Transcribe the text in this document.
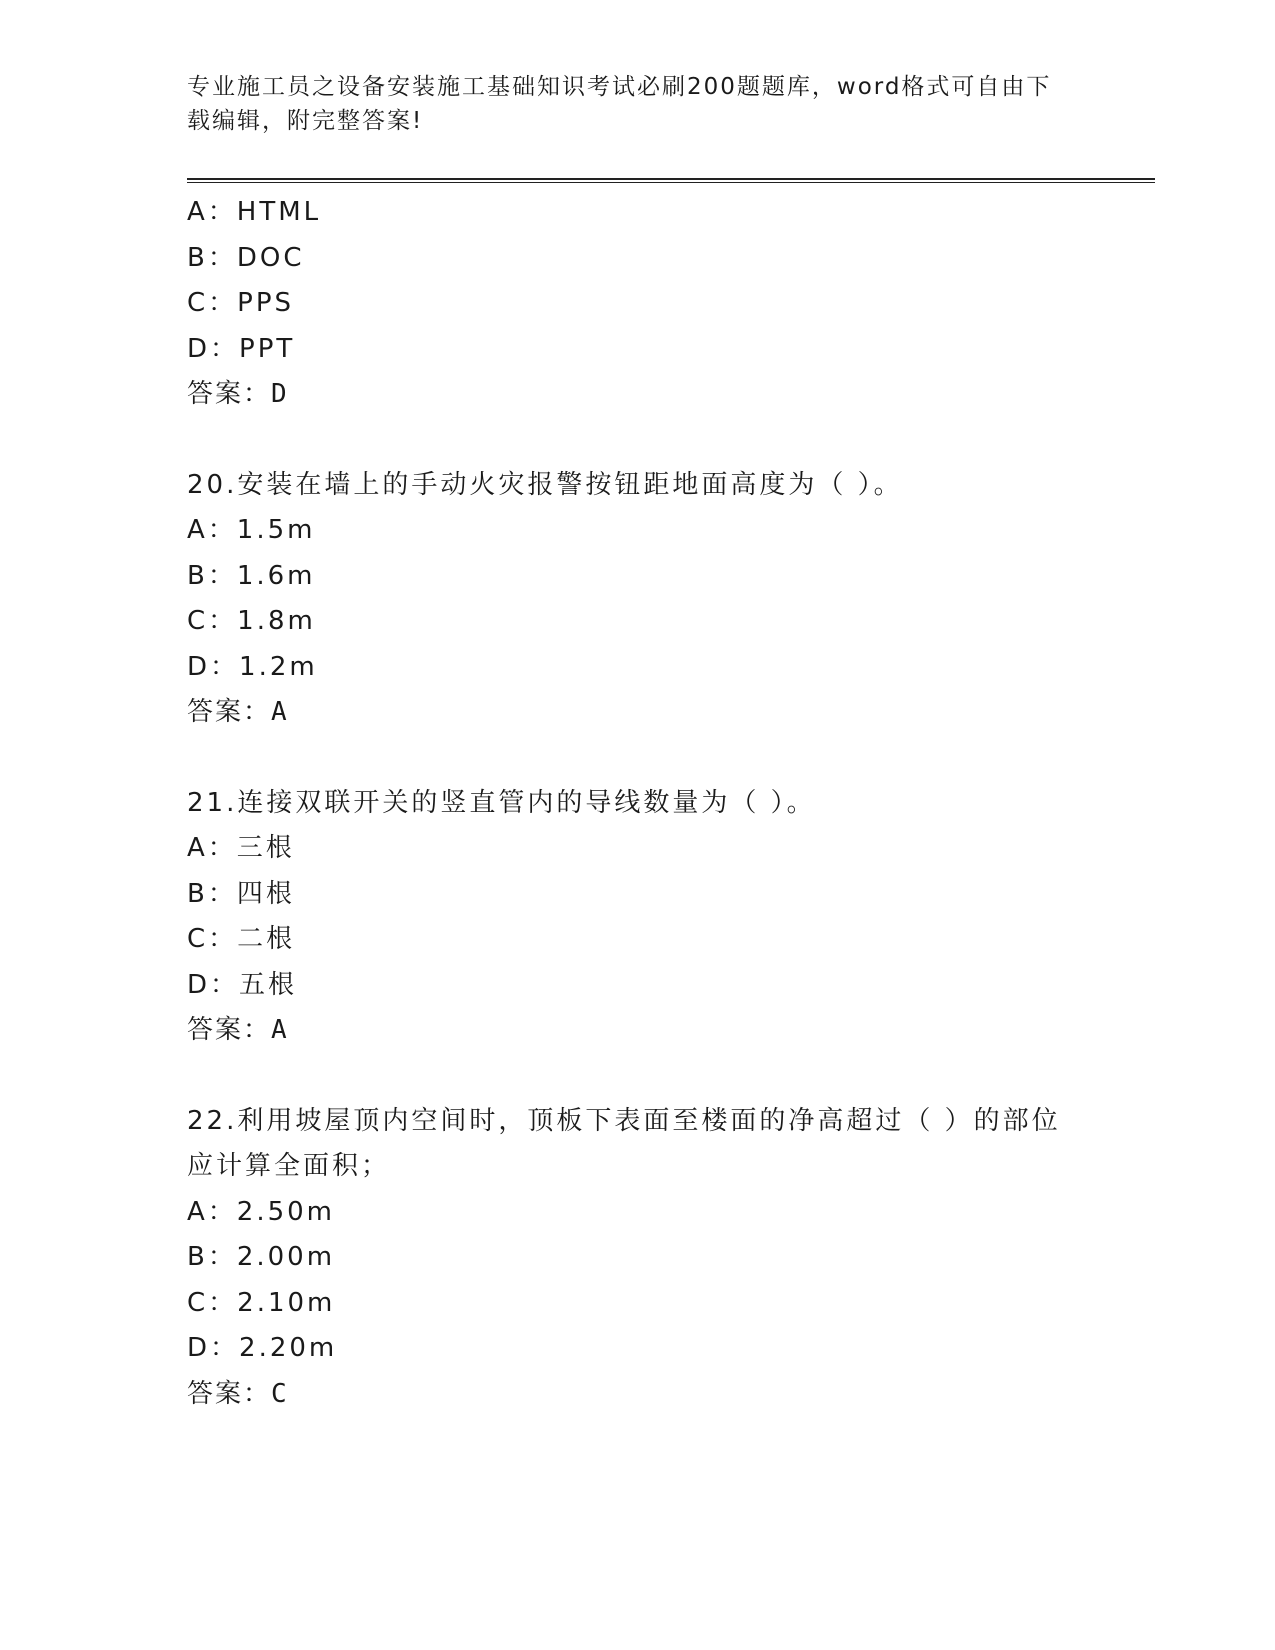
专业施工员之设备安装施工基础知识考试必刷200题题库，word格式可自由下载编辑，附完整答案!
A：HTML
B：DOC
C：PPS
D：PPT
答案：D
20.安装在墙上的手动火灾报警按钮距地面高度为（ ）。
A：1.5m
B：1.6m
C：1.8m
D：1.2m
答案：A
21.连接双联开关的竖直管内的导线数量为（ ）。
A：三根
B：四根
C：二根
D：五根
答案：A
22.利用坡屋顶内空间时，顶板下表面至楼面的净高超过（ ）的部位应计算全面积；
A：2.50m
B：2.00m
C：2.10m
D：2.20m
答案：C
